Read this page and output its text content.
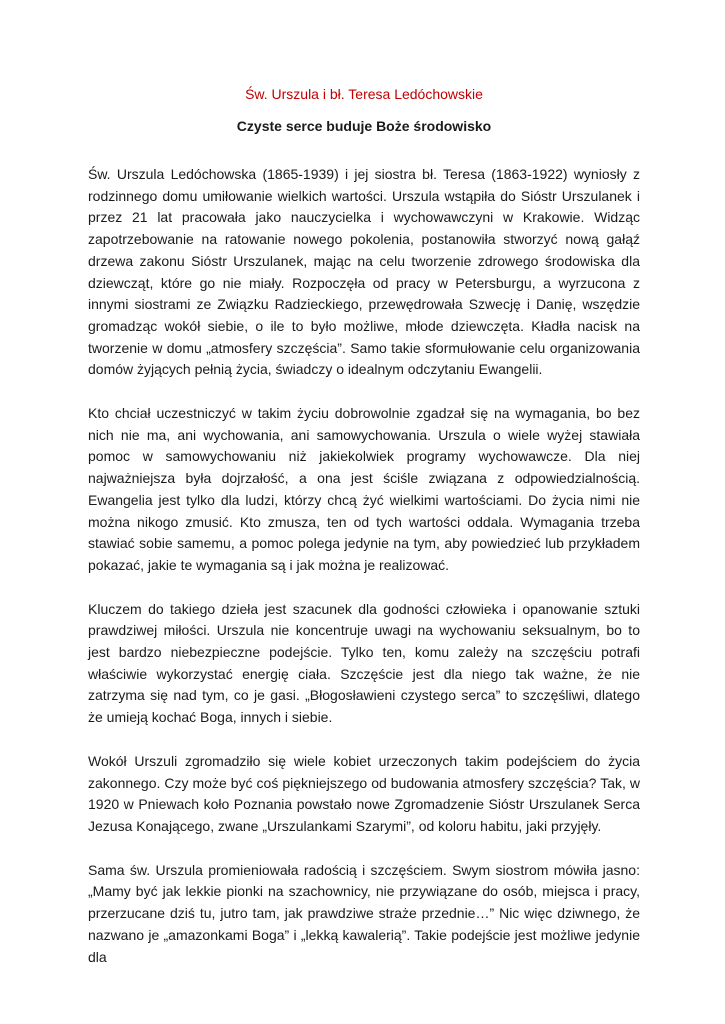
Św. Urszula i bł. Teresa Ledóchowskie
Czyste serce buduje Boże środowisko

Św. Urszula Ledóchowska (1865-1939) i jej siostra bł. Teresa (1863-1922) wyniosły z rodzinnego domu umiłowanie wielkich wartości. Urszula wstąpiła do Sióstr Urszulanek i przez 21 lat pracowała jako nauczycielka i wychowawczyni w Krakowie. Widząc zapotrzebowanie na ratowanie nowego pokolenia, postanowiła stworzyć nową gałąź drzewa zakonu Sióstr Urszulanek, mając na celu tworzenie zdrowego środowiska dla dziewcząt, które go nie miały. Rozpoczęła od pracy w Petersburgu, a wyrzucona z innymi siostrami ze Związku Radzieckiego, przewędrowała Szwecję i Danię, wszędzie gromadząc wokół siebie, o ile to było możliwe, młode dziewczęta. Kładła nacisk na tworzenie w domu „atmosfery szczęścia”. Samo takie sformułowanie celu organizowania domów żyjących pełnią życia, świadczy o idealnym odczytaniu Ewangelii.

Kto chciał uczestniczyć w takim życiu dobrowolnie zgadzał się na wymagania, bo bez nich nie ma, ani wychowania, ani samowychowania. Urszula o wiele wyżej stawiała pomoc w samowychowaniu niż jakiekolwiek programy wychowawcze. Dla niej najważniejsza była dojrzałość, a ona jest ściśle związana z odpowiedzialnością. Ewangelia jest tylko dla ludzi, którzy chcą żyć wielkimi wartościami. Do życia nimi nie można nikogo zmusić. Kto zmusza, ten od tych wartości oddala. Wymagania trzeba stawiać sobie samemu, a pomoc polega jedynie na tym, aby powiedzieć lub przykładem pokazać, jakie te wymagania są i jak można je realizować.

Kluczem do takiego dzieła jest szacunek dla godności człowieka i opanowanie sztuki prawdziwej miłości. Urszula nie koncentruje uwagi na wychowaniu seksualnym, bo to jest bardzo niebezpieczne podejście. Tylko ten, komu zależy na szczęściu potrafi właściwie wykorzystać energię ciała. Szczęście jest dla niego tak ważne, że nie zatrzyma się nad tym, co je gasi. „Błogosławieni czystego serca” to szczęśliwi, dlatego że umieją kochać Boga, innych i siebie.

Wokół Urszuli zgromadziło się wiele kobiet urzeczonych takim podejściem do życia zakonnego. Czy może być coś piękniejszego od budowania atmosfery szczęścia? Tak, w 1920 w Pniewach koło Poznania powstało nowe Zgromadzenie Sióstr Urszulanek Serca Jezusa Konającego, zwane „Urszulankami Szarymi”, od koloru habitu, jaki przyjęły.

Sama św. Urszula promieniowała radością i szczęściem. Swym siostrom mówiła jasno: „Mamy być jak lekkie pionki na szachownicy, nie przywiązane do osób, miejsca i pracy, przerzucane dziś tu, jutro tam, jak prawdziwe straże przednie…” Nic więc dziwnego, że nazwano je „amazonkami Boga” i „lekką kawalerią”. Takie podejście jest możliwe jedynie dla
